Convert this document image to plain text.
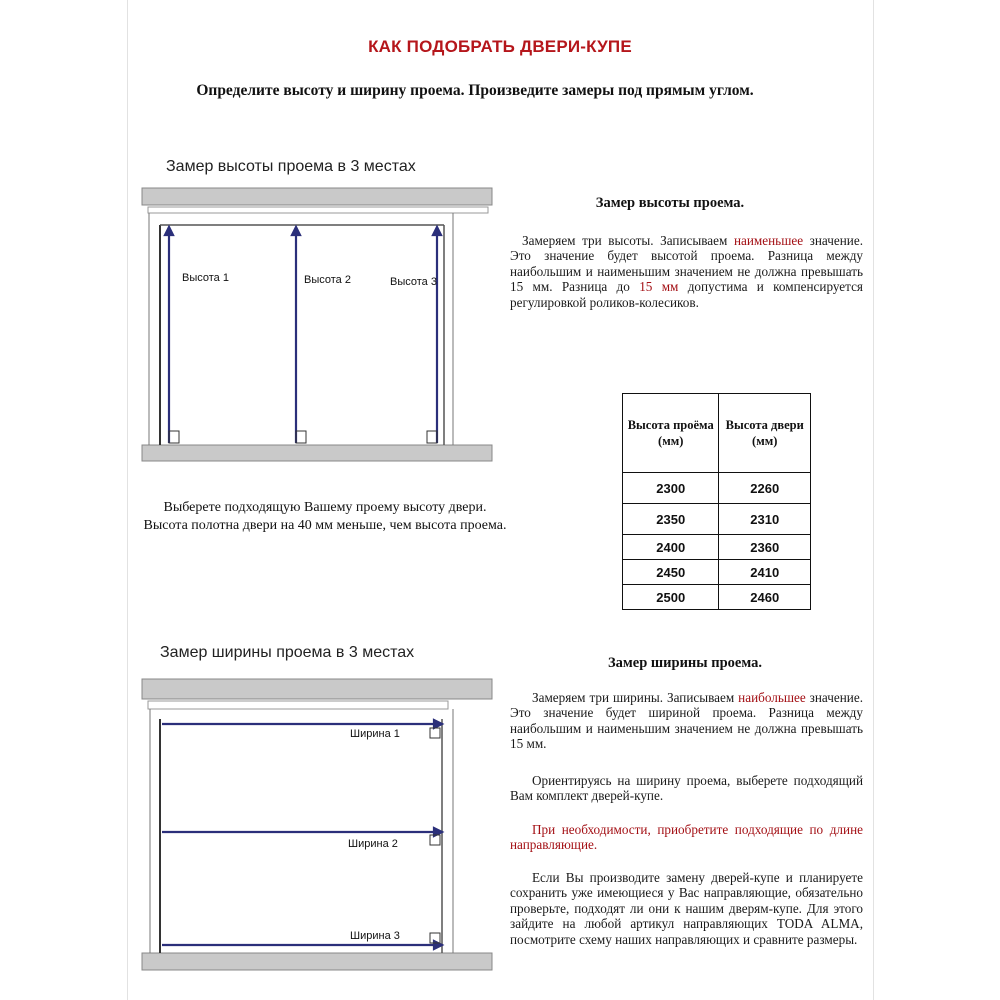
КАК ПОДОБРАТЬ ДВЕРИ-КУПЕ
Определите высоту и ширину проема. Произведите замеры под прямым углом.
Замер высоты проема в 3 местах
Высота 1	Высота 2	Высота 3
Замер высоты проема.
Замеряем три высоты. Записываем наименьшее значение. Это значение будет высотой проема. Разница между наибольшим и наименьшим значением не должна превышать 15 мм. Разница до 15 мм допустима и компенсируется регулировкой роликов-колесиков.
Выберете подходящую Вашему проему высоту двери.
Высота полотна двери на 40 мм меньше, чем высота проема.
Высота проёма (мм)	Высота двери (мм)
2300	2260
2350	2310
2400	2360
2450	2410
2500	2460
Замер ширины проема в 3 местах
Ширина 1
Ширина 2
Ширина 3
Замер ширины проема.
Замеряем три ширины. Записываем наибольшее значение. Это значение будет шириной проема. Разница между наибольшим и наименьшим значением не должна превышать 15 мм.
Ориентируясь на ширину проема, выберете подходящий Вам комплект дверей-купе.
При необходимости, приобретите подходящие по длине направляющие.
Если Вы производите замену дверей-купе и планируете сохранить уже имеющиеся у Вас направляющие, обязательно проверьте, подходят ли они к нашим дверям-купе. Для этого зайдите на любой артикул направляющих TODA ALMA, посмотрите схему наших направляющих и сравните размеры.
